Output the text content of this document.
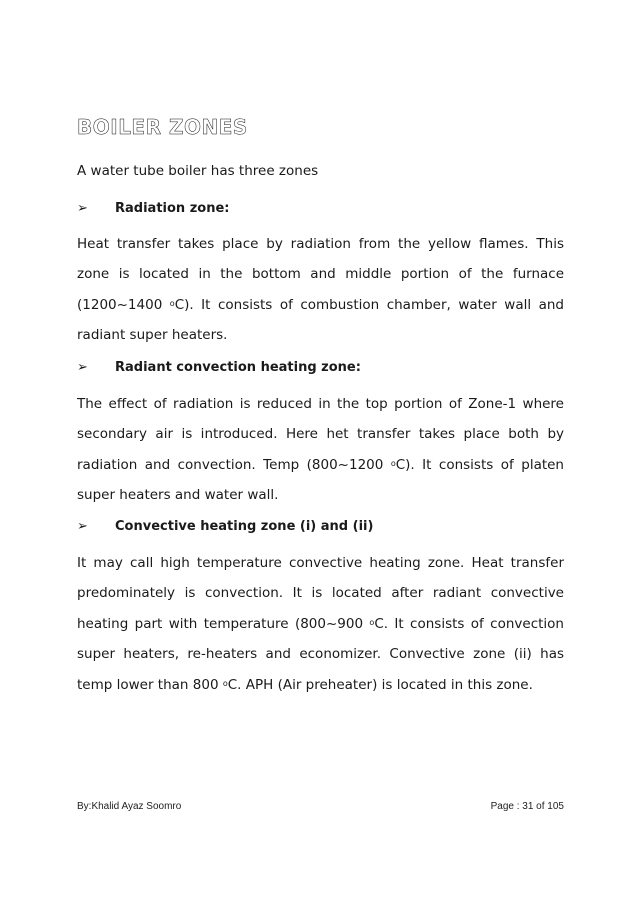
BOILER ZONES
A water tube boiler has three zones
➢	Radiation zone:

Heat transfer takes place by radiation from the yellow flames. This zone is located in the bottom and middle portion of the furnace (1200~1400 $^o$C). It consists of combustion chamber, water wall and radiant super heaters.

➢	Radiant convection heating zone:

The effect of radiation is reduced in the top portion of Zone-1 where secondary air is introduced. Here het transfer takes place both by radiation and convection. Temp (800~1200 $^o$C). It consists of platen super heaters and water wall.

➢	Convective heating zone (i) and (ii)

It may call high temperature convective heating zone. Heat transfer predominately is convection. It is located after radiant convective heating part with temperature (800~900 $^o$C. It consists of convection super heaters, re-heaters and economizer. Convective zone (ii) has temp lower than 800 $^o$C. APH (Air preheater) is located in this zone.

By:Khalid Ayaz Soomro	Page : 31 of 105
